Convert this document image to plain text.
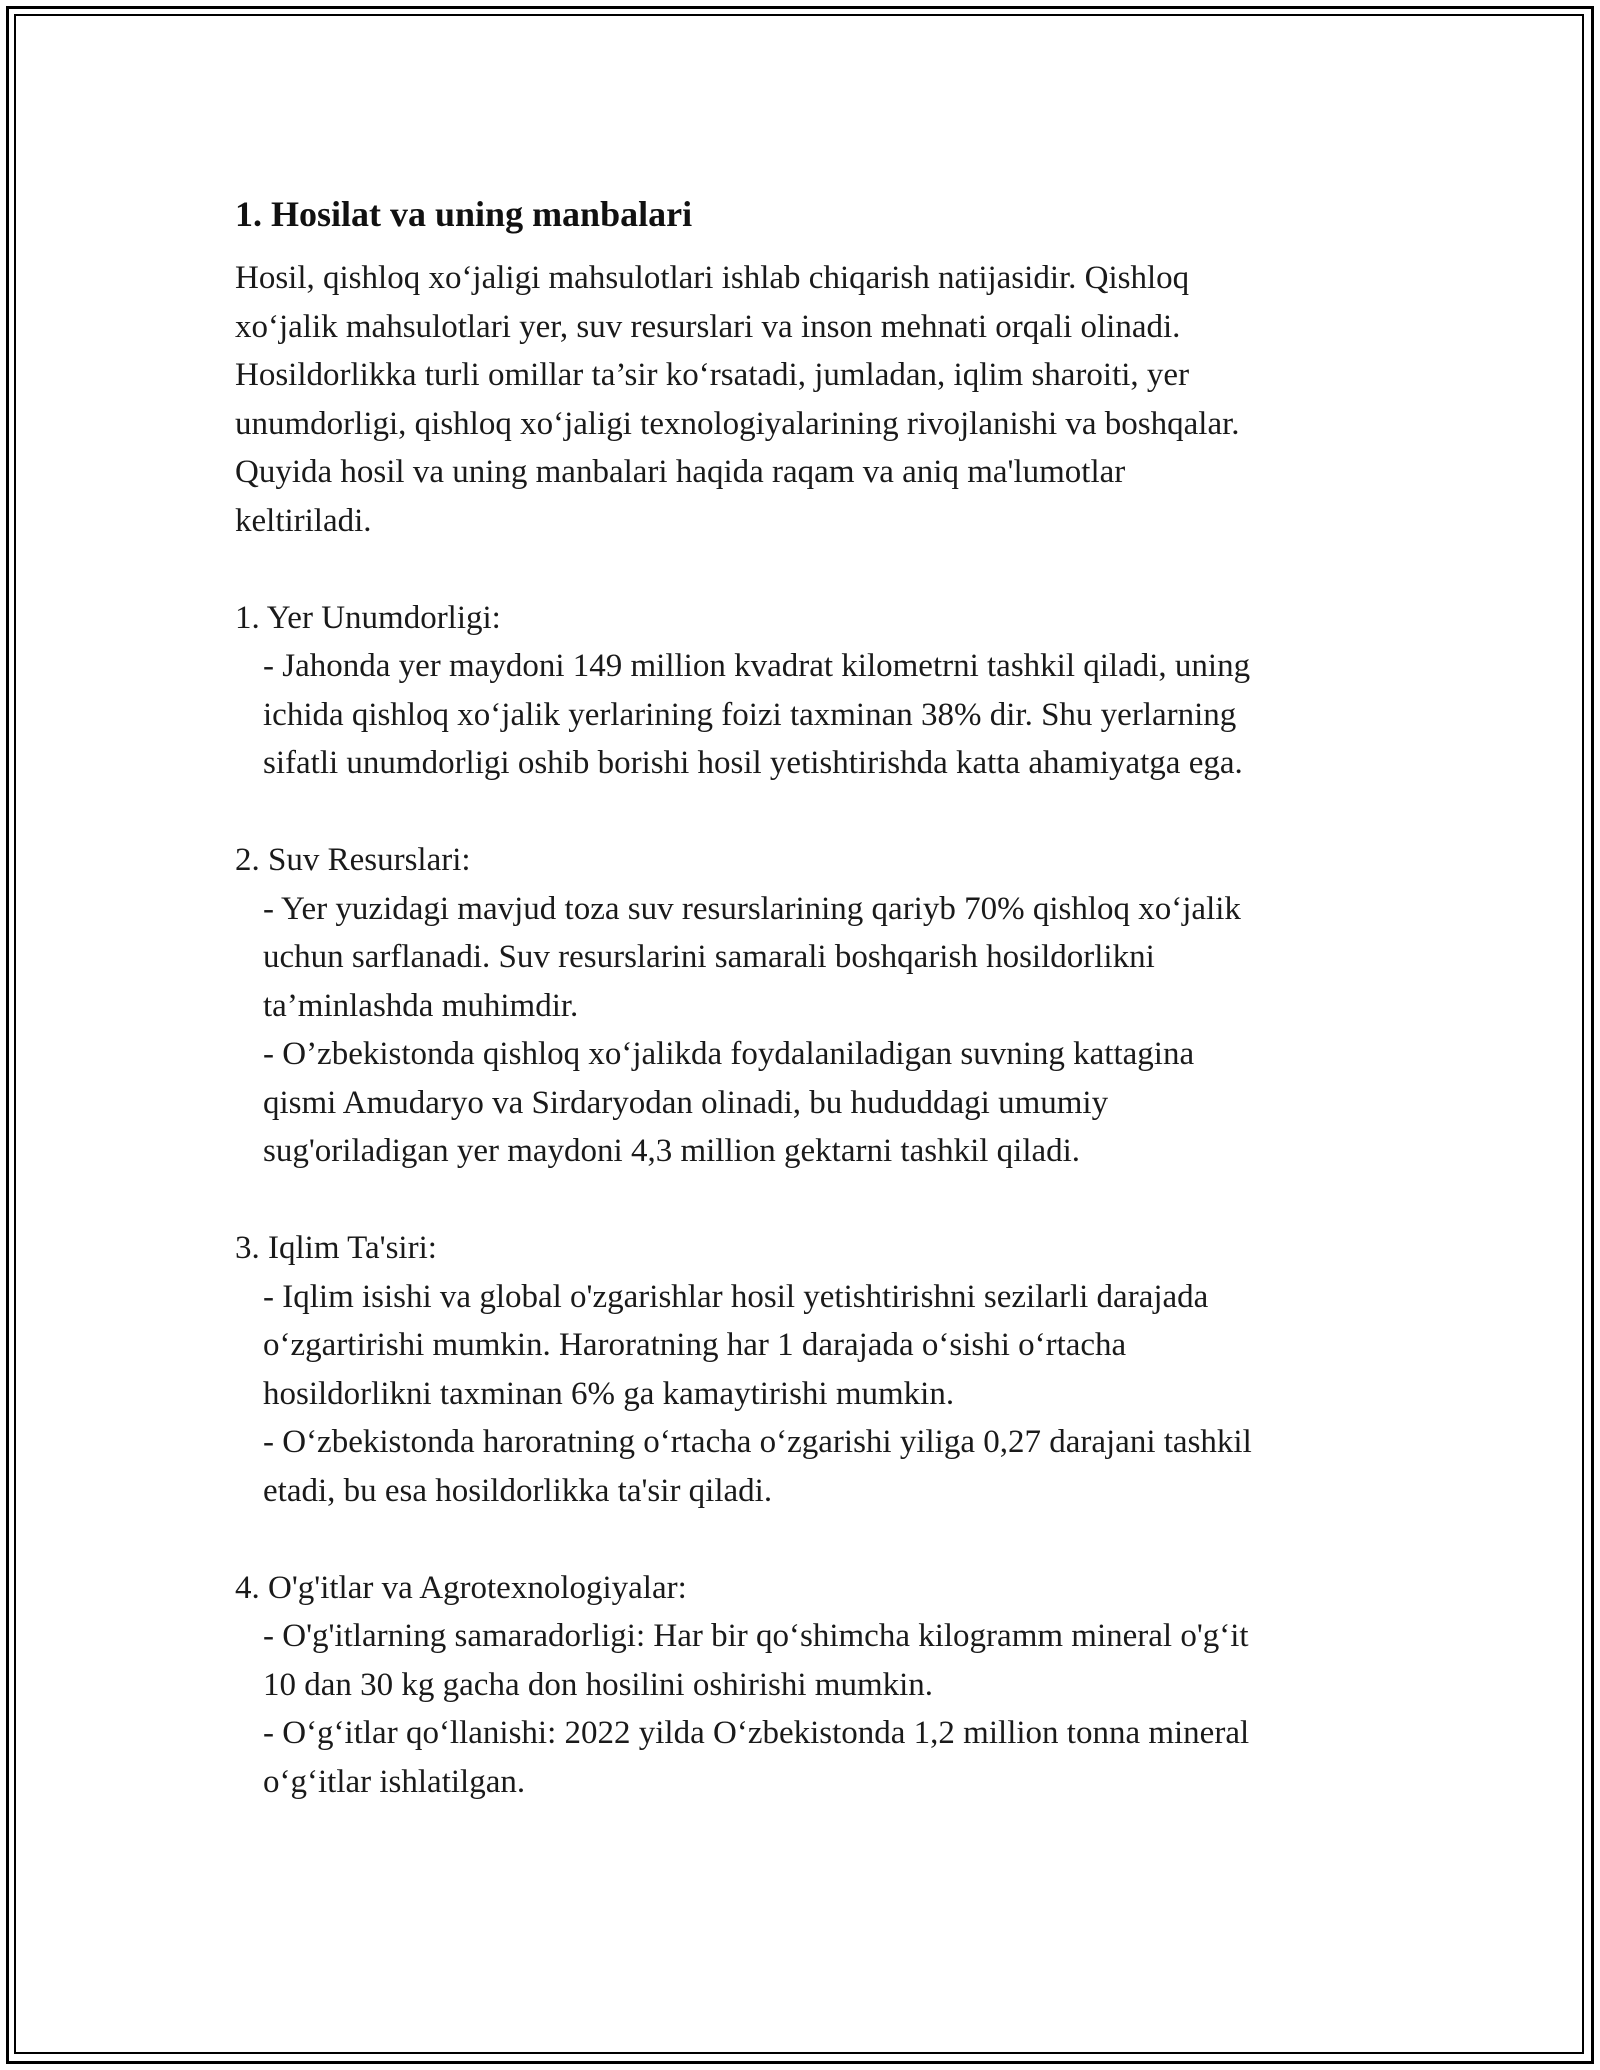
1. Hosilat va uning manbalari

Hosil, qishloq xo‘jaligi mahsulotlari ishlab chiqarish natijasidir. Qishloq
xo‘jalik mahsulotlari yer, suv resurslari va inson mehnati orqali olinadi.
Hosildorlikka turli omillar ta’sir ko‘rsatadi, jumladan, iqlim sharoiti, yer
unumdorligi, qishloq xo‘jaligi texnologiyalarining rivojlanishi va boshqalar.
Quyida hosil va uning manbalari haqida raqam va aniq ma'lumotlar
keltiriladi.

1. Yer Unumdorligi:

- Jahonda yer maydoni 149 million kvadrat kilometrni tashkil qiladi, uning
ichida qishloq xo‘jalik yerlarining foizi taxminan 38% dir. Shu yerlarning
sifatli unumdorligi oshib borishi hosil yetishtirishda katta ahamiyatga ega.

2. Suv Resurslari:

- Yer yuzidagi mavjud toza suv resurslarining qariyb 70% qishloq xo‘jalik
uchun sarflanadi. Suv resurslarini samarali boshqarish hosildorlikni
ta’minlashda muhimdir.

- O’zbekistonda qishloq xo‘jalikda foydalaniladigan suvning kattagina
qismi Amudaryo va Sirdaryodan olinadi, bu hududdagi umumiy
sug'oriladigan yer maydoni 4,3 million gektarni tashkil qiladi.

3. Iqlim Ta'siri:

- Iqlim isishi va global o'zgarishlar hosil yetishtirishni sezilarli darajada
o‘zgartirishi mumkin. Haroratning har 1 darajada o‘sishi o‘rtacha
hosildorlikni taxminan 6% ga kamaytirishi mumkin.

- O‘zbekistonda haroratning o‘rtacha o‘zgarishi yiliga 0,27 darajani tashkil
etadi, bu esa hosildorlikka ta'sir qiladi.

4. O'g'itlar va Agrotexnologiyalar:

- O'g'itlarning samaradorligi: Har bir qo‘shimcha kilogramm mineral o'g‘it
10 dan 30 kg gacha don hosilini oshirishi mumkin.

- O‘g‘itlar qo‘llanishi: 2022 yilda O‘zbekistonda 1,2 million tonna mineral
o‘g‘itlar ishlatilgan.
